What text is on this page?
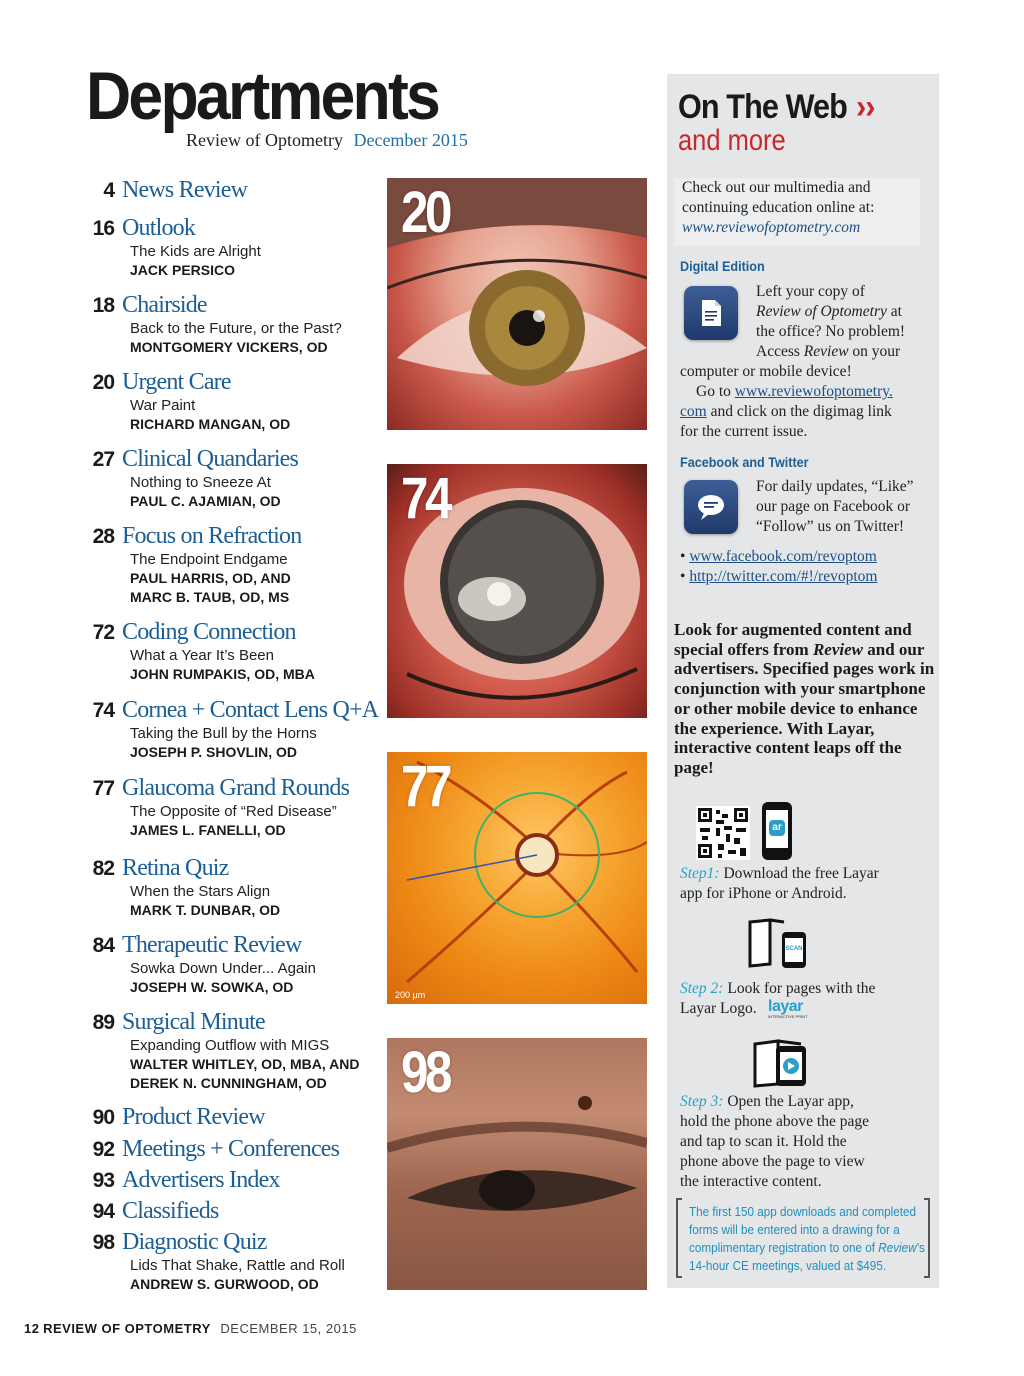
Departments
Review of Optometry December 2015
4 News Review
16 Outlook
The Kids are Alright
JACK PERSICO
18 Chairside
Back to the Future, or the Past?
MONTGOMERY VICKERS, OD
20 Urgent Care
War Paint
RICHARD MANGAN, OD
27 Clinical Quandaries
Nothing to Sneeze At
PAUL C. AJAMIAN, OD
28 Focus on Refraction
The Endpoint Endgame
PAUL HARRIS, OD, AND
MARC B. TAUB, OD, MS
72 Coding Connection
What a Year It’s Been
JOHN RUMPAKIS, OD, MBA
74 Cornea + Contact Lens Q+A
Taking the Bull by the Horns
JOSEPH P. SHOVLIN, OD
77 Glaucoma Grand Rounds
The Opposite of “Red Disease”
JAMES L. FANELLI, OD
82 Retina Quiz
When the Stars Align
MARK T. DUNBAR, OD
84 Therapeutic Review
Sowka Down Under... Again
JOSEPH W. SOWKA, OD
89 Surgical Minute
Expanding Outflow with MIGS
WALTER WHITLEY, OD, MBA, AND
DEREK N. CUNNINGHAM, OD
90 Product Review
92 Meetings + Conferences
93 Advertisers Index
94 Classifieds
98 Diagnostic Quiz
Lids That Shake, Rattle and Roll
ANDREW S. GURWOOD, OD
20
74
77
200 µm
98
On The Web ››
and more
Check out our multimedia and
continuing education online at:
www.reviewofoptometry.com
Digital Edition
Left your copy of
Review of Optometry at
the office? No problem!
Access Review on your
computer or mobile device!
Go to www.reviewofoptometry.
com and click on the digimag link
for the current issue.
Facebook and Twitter
For daily updates, “Like”
our page on Facebook or
“Follow” us on Twitter!
• www.facebook.com/revoptom
• http://twitter.com/#!/revoptom
Look for augmented content and special offers from Review and our advertisers. Specified pages work in conjunction with your smartphone or other mobile device to enhance the experience. With Layar, interactive content leaps off the page!
ar
Step1: Download the free Layar
app for iPhone or Android.
SCAN
Step 2: Look for pages with the
Layar Logo. layar
INTERACTIVE PRINT
Step 3: Open the Layar app,
hold the phone above the page
and tap to scan it. Hold the
phone above the page to view
the interactive content.
The first 150 app downloads and completed
forms will be entered into a drawing for a
complimentary registration to one of Review’s
14-hour CE meetings, valued at $495.
12 REVIEW OF OPTOMETRY DECEMBER 15, 2015
